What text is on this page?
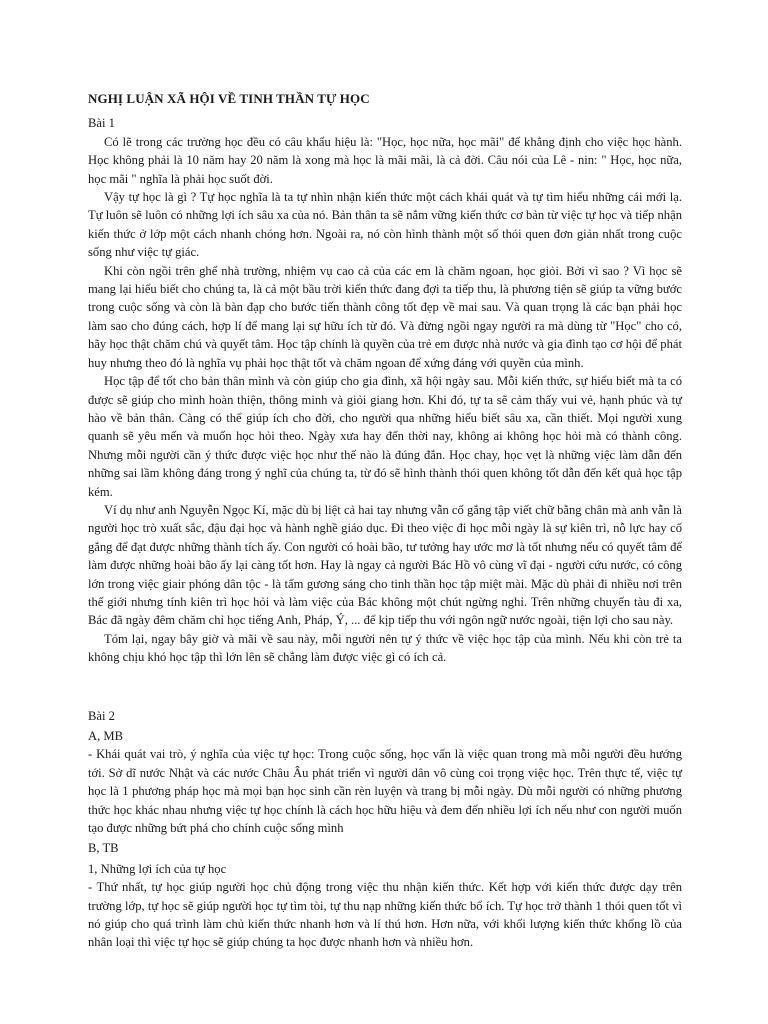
NGHỊ LUẬN XÃ HỘI VỀ TINH THẦN TỰ HỌC

Bài 1

Có lẽ trong các trường học đều có câu khẩu hiệu là: "Học, học nữa, học mãi" để khẳng định cho việc học hành. Học không phải là 10 năm hay 20 năm là xong mà học là mãi mãi, là cả đời. Câu nói của Lê - nin: " Học, học nữa, học mãi " nghĩa là phải học suốt đời.

Vậy tự học là gì ? Tự học nghĩa là ta tự nhìn nhận kiến thức một cách khái quát và tự tìm hiểu những cái mới lạ. Tự luôn sẽ luôn có những lợi ích sâu xa của nó. Bản thân ta sẽ nắm vững kiến thức cơ bản từ việc tự học và tiếp nhận kiến thức ở lớp một cách nhanh chóng hơn. Ngoài ra, nó còn hình thành một số thói quen đơn giản nhất trong cuộc sống như việc tự giác.

Khi còn ngồi trên ghế nhà trường, nhiệm vụ cao cả của các em là chăm ngoan, học giỏi. Bởi vì sao ? Vì học sẽ mang lại hiểu biết cho chúng ta, là cả một bầu trời kiến thức đang đợi ta tiếp thu, là phương tiện sẽ giúp ta vững bước trong cuộc sống và còn là bàn đạp cho bước tiến thành công tốt đẹp về mai sau. Và quan trọng là các bạn phải học làm sao cho đúng cách, hợp lí để mang lại sự hữu ích từ đó. Và đừng ngồi ngay người ra mà dùng từ "Học" cho có, hãy học thật chăm chú và quyết tâm. Học tập chính là quyền của trẻ em được nhà nước và gia đình tạo cơ hội để phát huy nhưng theo đó là nghĩa vụ phải học thật tốt và chăm ngoan để xứng đáng với quyền của mình.

Học tập để tốt cho bản thân mình và còn giúp cho gia đình, xã hội ngày sau. Mỗi kiến thức, sự hiểu biết mà ta có được sẽ giúp cho mình hoàn thiện, thông minh và giỏi giang hơn. Khi đó, tự ta sẽ cảm thấy vui vẻ, hạnh phúc và tự hào về bản thân. Càng có thể giúp ích cho đời, cho người qua những hiểu biết sâu xa, cần thiết. Mọi người xung quanh sẽ yêu mến và muốn học hỏi theo. Ngày xưa hay đến thời nay, không ai không học hỏi mà có thành công. Nhưng mỗi người cần ý thức được việc học như thế nào là đúng đắn. Học chay, học vẹt là những việc làm dẫn đến những sai lầm không đáng trong ý nghĩ của chúng ta, từ đó sẽ hình thành thói quen không tốt dẫn đến kết quả học tập kém.

Ví dụ như anh Nguyễn Ngọc Kí, mặc dù bị liệt cả hai tay nhưng vẫn cố gắng tập viết chữ bằng chân mà anh vẫn là người học trò xuất sắc, đậu đại học và hành nghề giáo dục. Đi theo việc đi học mỗi ngày là sự kiên trì, nỗ lực hay cố gắng để đạt được những thành tích ấy. Con người có hoài bão, tư tưởng hay ước mơ là tốt nhưng nếu có quyết tâm để làm được những hoài bão ấy lại càng tốt hơn. Hay là ngay cả người Bác Hồ vô cùng vĩ đại - người cứu nước, có công lớn trong việc giair phóng dân tộc - là tấm gương sáng cho tinh thần học tập miệt mài. Mặc dù phải đi nhiều nơi trên thế giới nhưng tính kiên trì học hỏi và làm việc của Bác không một chút ngừng nghỉ. Trên những chuyến tàu đi xa, Bác đã ngày đêm chăm chỉ học tiếng Anh, Pháp, Ý, ... để kịp tiếp thu với ngôn ngữ nước ngoài, tiện lợi cho sau này.

Tóm lại, ngay bây giờ và mãi về sau này, mỗi người nên tự ý thức về việc học tập của mình. Nếu khi còn trẻ ta không chịu khó học tập thì lớn lên sẽ chẳng làm được việc gì có ích cả.

Bài 2

A, MB

- Khái quát vai trò, ý nghĩa của việc tự học: Trong cuộc sống, học vấn là việc quan trong mà mỗi người đều hướng tới. Sở dĩ nước Nhật và các nước Châu Âu phát triển vì người dân vô cùng coi trọng việc học. Trên thực tế, việc tự học là 1 phương pháp học mà mọi bạn học sinh cần rèn luyện và trang bị mỗi ngày. Dù mỗi người có những phương thức học khác nhau nhưng việc tự học chính là cách học hữu hiệu và đem đến nhiều lợi ích nếu như con người muốn tạo được những bứt phá cho chính cuộc sống mình

B, TB

1, Những lợi ích của tự học

- Thứ nhất, tự học giúp người học chủ động trong việc thu nhận kiến thức. Kết hợp với kiến thức được dạy trên trường lớp, tự học sẽ giúp người học tự tìm tòi, tự thu nạp những kiến thức bổ ích. Tự học trở thành 1 thói quen tốt vì nó giúp cho quá trình làm chủ kiến thức nhanh hơn và lí thú hơn. Hơn nữa, với khối lượng kiến thức khổng lồ của nhân loại thì việc tự học sẽ giúp chúng ta học được nhanh hơn và nhiều hơn.
